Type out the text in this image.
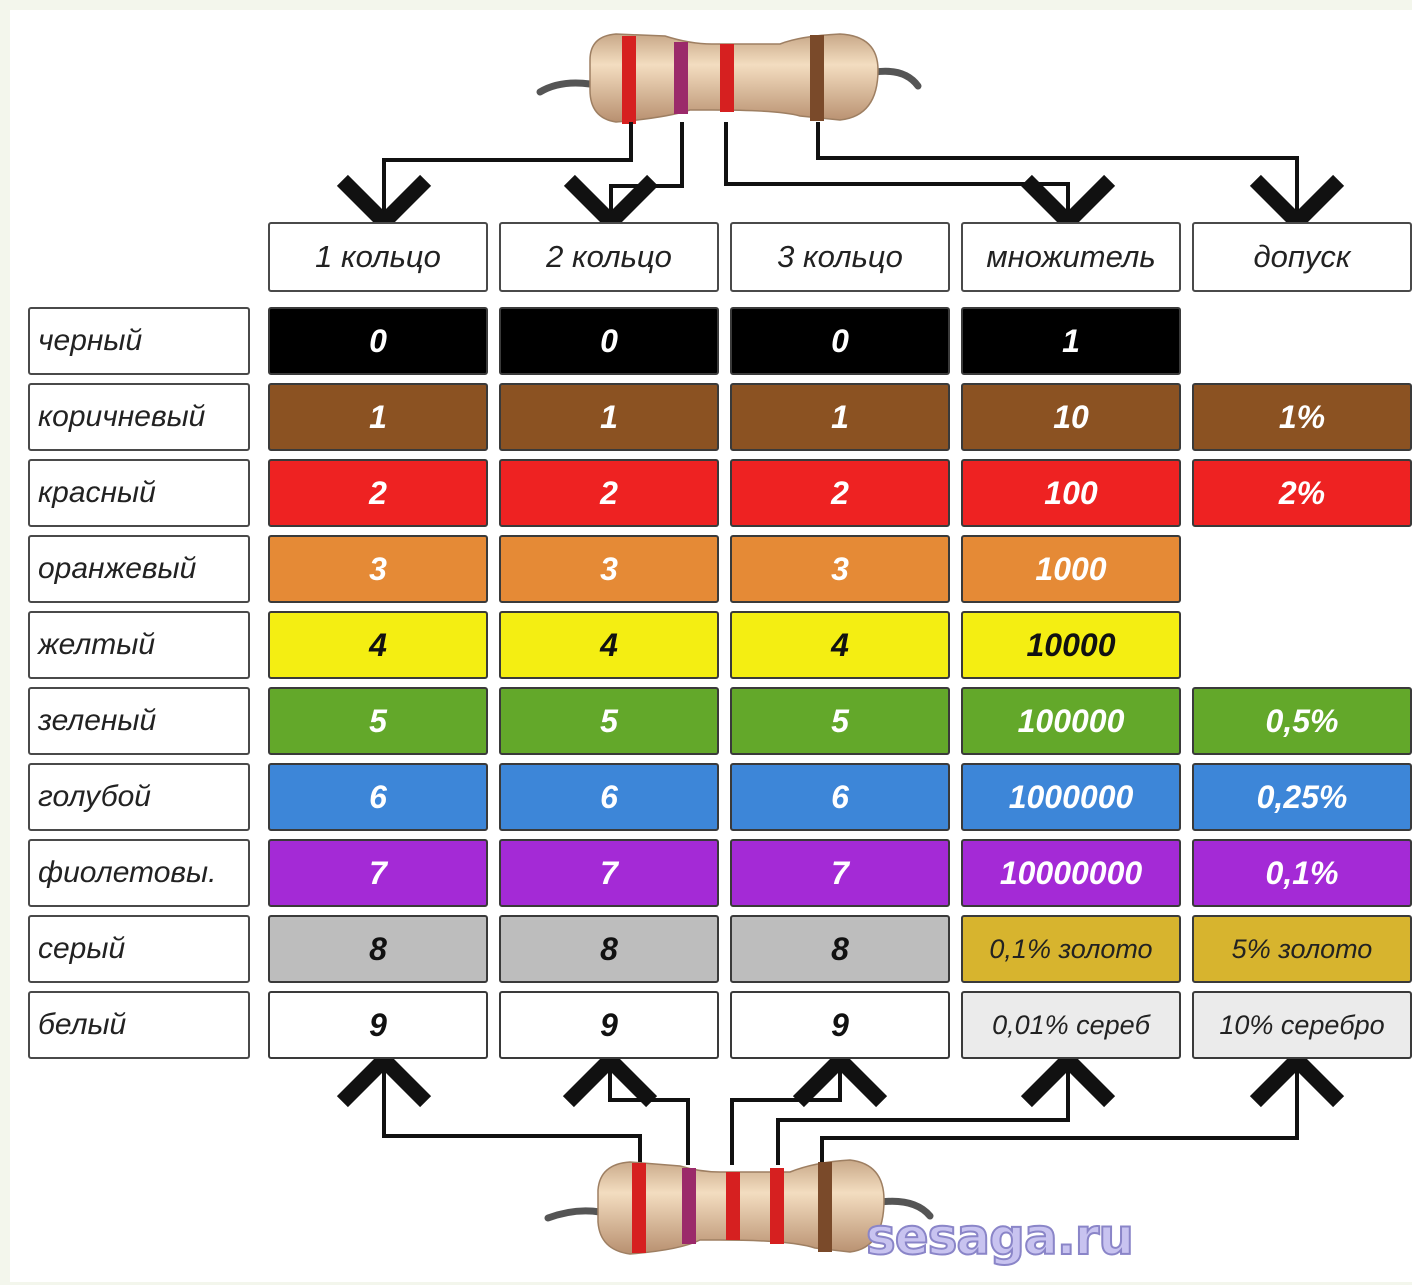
1 кольцо	2 кольцо	3 кольцо	множитель	допуск
черный	0	0	0	1
коричневый	1	1	1	10	1%
красный	2	2	2	100	2%
оранжевый	3	3	3	1000
желтый	4	4	4	10000
зеленый	5	5	5	100000	0,5%
голубой	6	6	6	1000000	0,25%
фиолетовы.	7	7	7	10000000	0,1%
серый	8	8	8	0,1% золото	5% золото
белый	9	9	9	0,01% сереб	10% серебро
sesaga.ru
